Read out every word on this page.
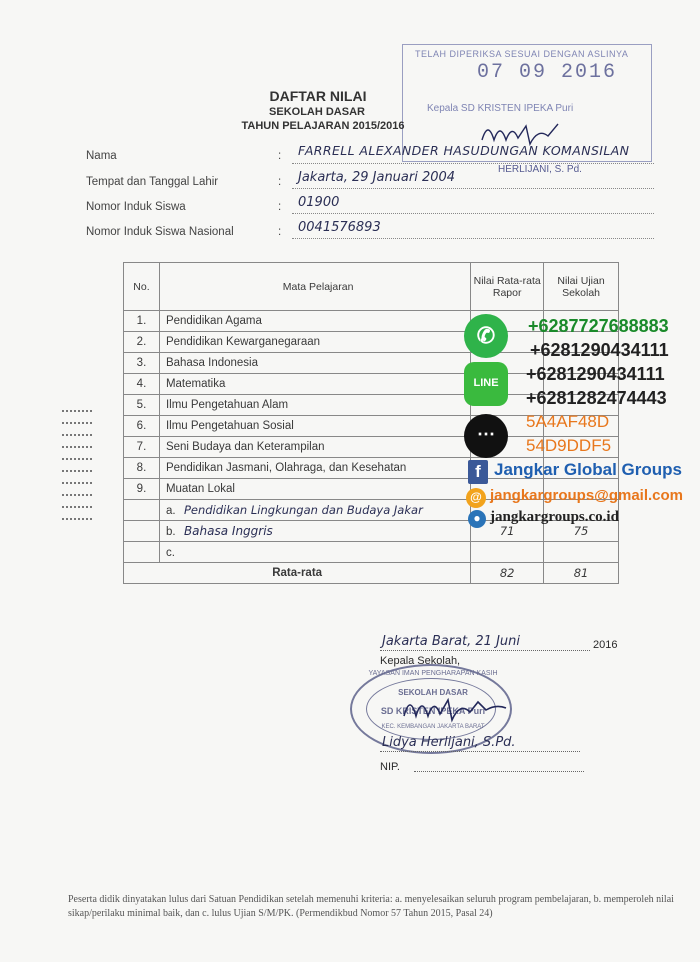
TELAH DIPERIKSA SESUAI DENGAN ASLINYA
07 09 2016
Kepala SD KRISTEN IPEKA Puri
HERLIJANI, S. Pd.
DAFTAR NILAI
SEKOLAH DASAR
TAHUN PELAJARAN 2015/2016
Nama	: FARRELL ALEXANDER HASUDUNGAN KOMANSILAN
Tempat dan Tanggal Lahir	: Jakarta, 29 Januari 2004
Nomor Induk Siswa	: 01900
Nomor Induk Siswa Nasional	: 0041576893
No.	Mata Pelajaran	Nilai Rata-rata Rapor	Nilai Ujian Sekolah
1.	Pendidikan Agama		
2.	Pendidikan Kewarganegaraan		
3.	Bahasa Indonesia		
4.	Matematika		
5.	Ilmu Pengetahuan Alam		
6.	Ilmu Pengetahuan Sosial		
7.	Seni Budaya dan Keterampilan		
8.	Pendidikan Jasmani, Olahraga, dan Kesehatan		
9.	Muatan Lokal		
	a. Pendidikan Lingkungan dan Budaya Jakar		
	b. Bahasa Inggris	71	75
	c.		
Rata-rata		82	81
✆
LINE
⋯
f
@
●
+6287727688883
+6281290434111
+6281290434111
+6281282474443
5A4AF48D
54D9DDF5
Jangkar Global Groups
jangkargroups@gmail.com
jangkargroups.co.id
Jakarta Barat, 21 Juni	2016
Kepala Sekolah,
YAYASAN IMAN PENGHARAPAN KASIH
SEKOLAH DASAR
SD KRISTEN IPEKA Puri
KEC. KEMBANGAN JAKARTA BARAT
Lidya Herlijani, S.Pd.
NIP.
Peserta didik dinyatakan lulus dari Satuan Pendidikan setelah memenuhi kriteria: a. menyelesaikan seluruh program pembelajaran, b. memperoleh nilai sikap/perilaku minimal baik, dan c. lulus Ujian S/M/PK. (Permendikbud Nomor 57 Tahun 2015, Pasal 24)
